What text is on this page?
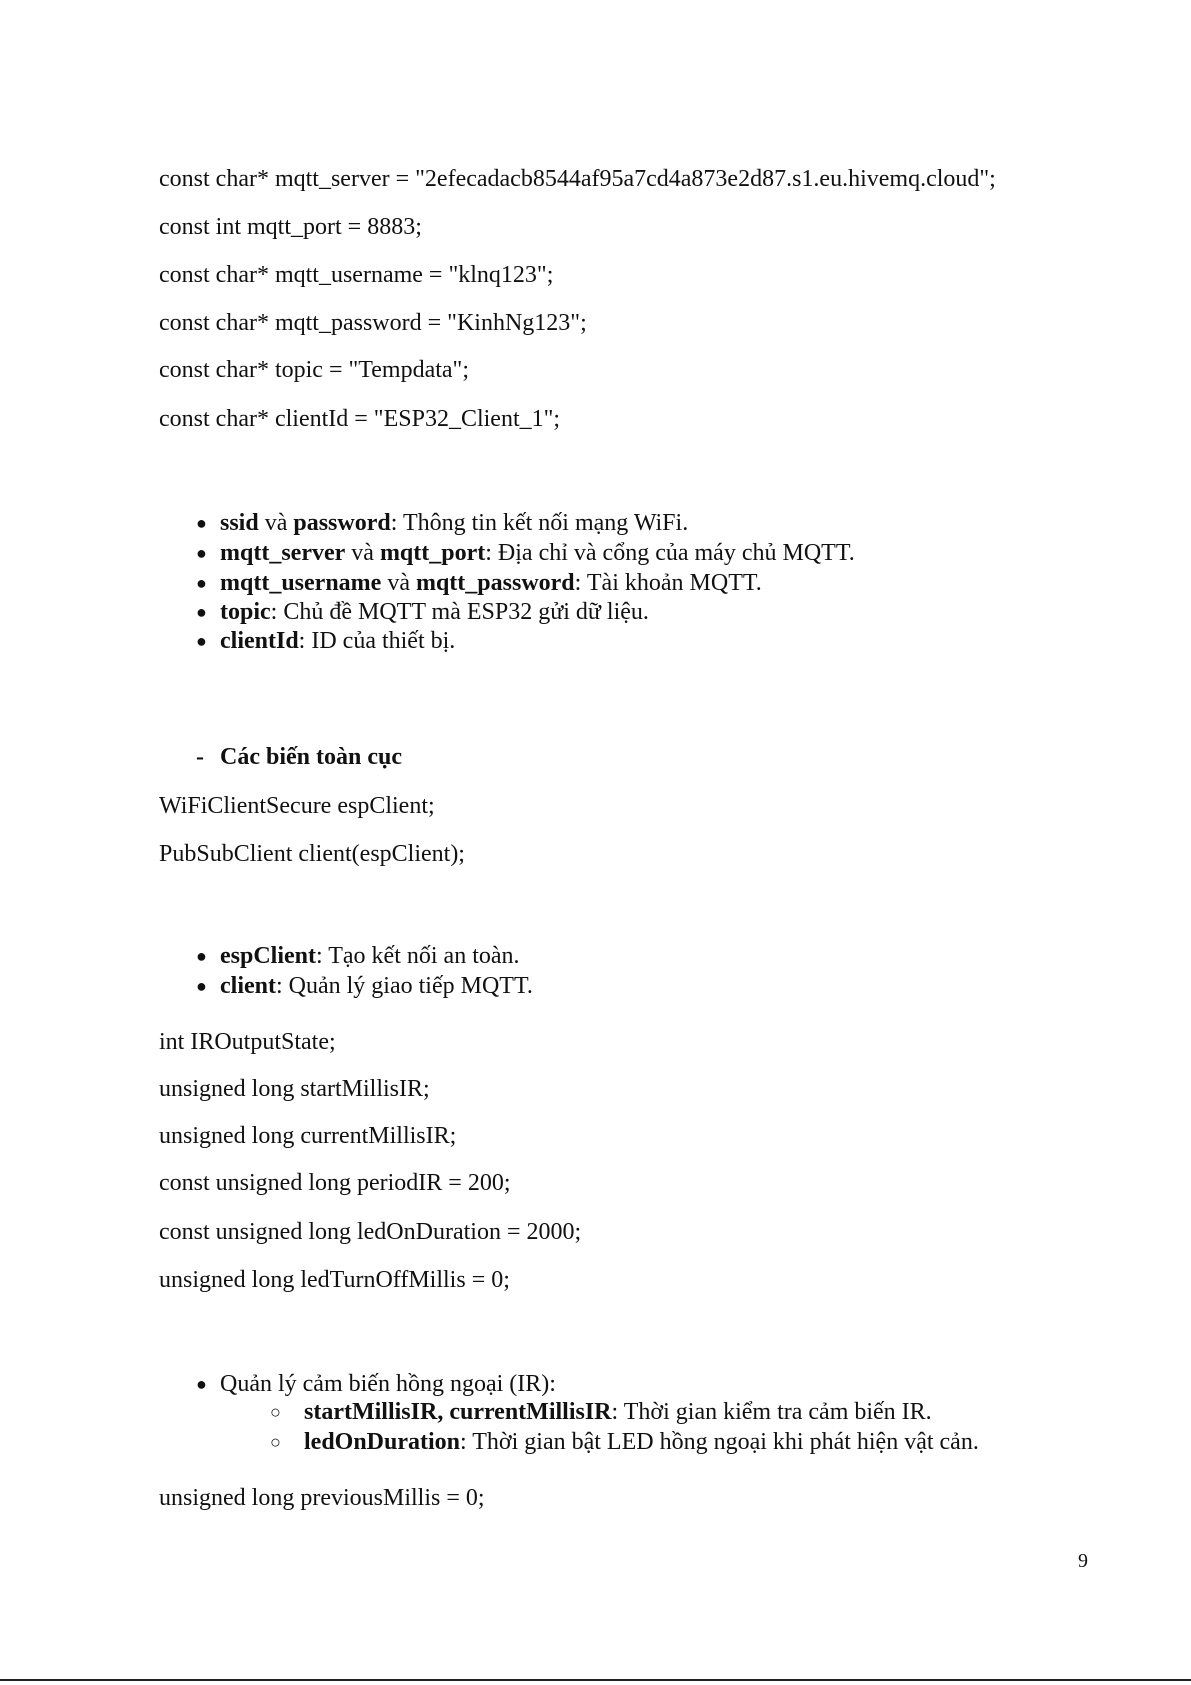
const char* mqtt_server = "2efecadacb8544af95a7cd4a873e2d87.s1.eu.hivemq.cloud";
const int mqtt_port = 8883;
const char* mqtt_username = "klnq123";
const char* mqtt_password = "KinhNg123";
const char* topic = "Tempdata";
const char* clientId = "ESP32_Client_1";
● ssid và password: Thông tin kết nối mạng WiFi.
● mqtt_server và mqtt_port: Địa chỉ và cổng của máy chủ MQTT.
● mqtt_username và mqtt_password: Tài khoản MQTT.
● topic: Chủ đề MQTT mà ESP32 gửi dữ liệu.
● clientId: ID của thiết bị.
- Các biến toàn cục
WiFiClientSecure espClient;
PubSubClient client(espClient);
● espClient: Tạo kết nối an toàn.
● client: Quản lý giao tiếp MQTT.
int IROutputState;
unsigned long startMillisIR;
unsigned long currentMillisIR;
const unsigned long periodIR = 200;
const unsigned long ledOnDuration = 2000;
unsigned long ledTurnOffMillis = 0;
● Quản lý cảm biến hồng ngoại (IR):
○ startMillisIR, currentMillisIR: Thời gian kiểm tra cảm biến IR.
○ ledOnDuration: Thời gian bật LED hồng ngoại khi phát hiện vật cản.
unsigned long previousMillis = 0;
9
